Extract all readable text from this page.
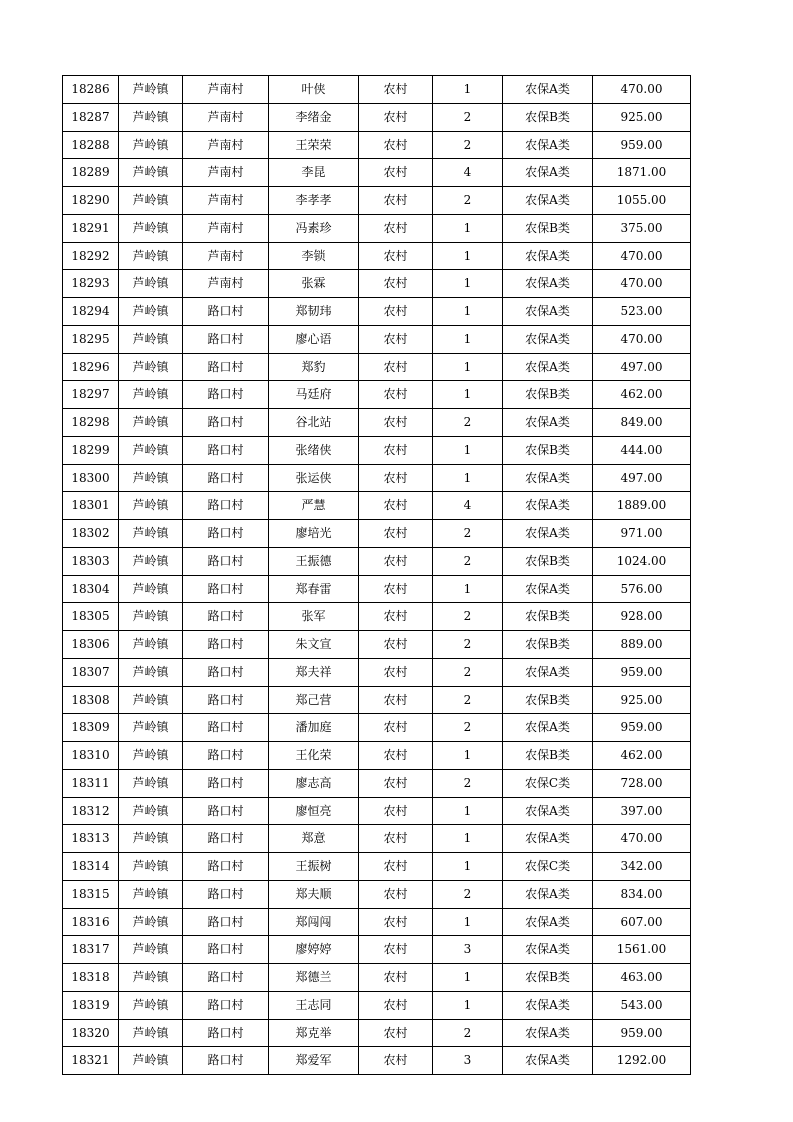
18286	芦岭镇	芦南村	叶侠	农村	1	农保A类	470.00
18287	芦岭镇	芦南村	李绪金	农村	2	农保B类	925.00
18288	芦岭镇	芦南村	王荣荣	农村	2	农保A类	959.00
18289	芦岭镇	芦南村	李昆	农村	4	农保A类	1871.00
18290	芦岭镇	芦南村	李孝孝	农村	2	农保A类	1055.00
18291	芦岭镇	芦南村	冯素珍	农村	1	农保B类	375.00
18292	芦岭镇	芦南村	李锁	农村	1	农保A类	470.00
18293	芦岭镇	芦南村	张霖	农村	1	农保A类	470.00
18294	芦岭镇	路口村	郑韧玮	农村	1	农保A类	523.00
18295	芦岭镇	路口村	廖心语	农村	1	农保A类	470.00
18296	芦岭镇	路口村	郑豹	农村	1	农保A类	497.00
18297	芦岭镇	路口村	马廷府	农村	1	农保B类	462.00
18298	芦岭镇	路口村	谷北站	农村	2	农保A类	849.00
18299	芦岭镇	路口村	张绪侠	农村	1	农保B类	444.00
18300	芦岭镇	路口村	张运侠	农村	1	农保A类	497.00
18301	芦岭镇	路口村	严慧	农村	4	农保A类	1889.00
18302	芦岭镇	路口村	廖培光	农村	2	农保A类	971.00
18303	芦岭镇	路口村	王振德	农村	2	农保B类	1024.00
18304	芦岭镇	路口村	郑春雷	农村	1	农保A类	576.00
18305	芦岭镇	路口村	张军	农村	2	农保B类	928.00
18306	芦岭镇	路口村	朱文宣	农村	2	农保B类	889.00
18307	芦岭镇	路口村	郑夫祥	农村	2	农保A类	959.00
18308	芦岭镇	路口村	郑己营	农村	2	农保B类	925.00
18309	芦岭镇	路口村	潘加庭	农村	2	农保A类	959.00
18310	芦岭镇	路口村	王化荣	农村	1	农保B类	462.00
18311	芦岭镇	路口村	廖志高	农村	2	农保C类	728.00
18312	芦岭镇	路口村	廖恒亮	农村	1	农保A类	397.00
18313	芦岭镇	路口村	郑意	农村	1	农保A类	470.00
18314	芦岭镇	路口村	王振树	农村	1	农保C类	342.00
18315	芦岭镇	路口村	郑夫顺	农村	2	农保A类	834.00
18316	芦岭镇	路口村	郑闯闯	农村	1	农保A类	607.00
18317	芦岭镇	路口村	廖婷婷	农村	3	农保A类	1561.00
18318	芦岭镇	路口村	郑德兰	农村	1	农保B类	463.00
18319	芦岭镇	路口村	王志同	农村	1	农保A类	543.00
18320	芦岭镇	路口村	郑克举	农村	2	农保A类	959.00
18321	芦岭镇	路口村	郑爱军	农村	3	农保A类	1292.00
